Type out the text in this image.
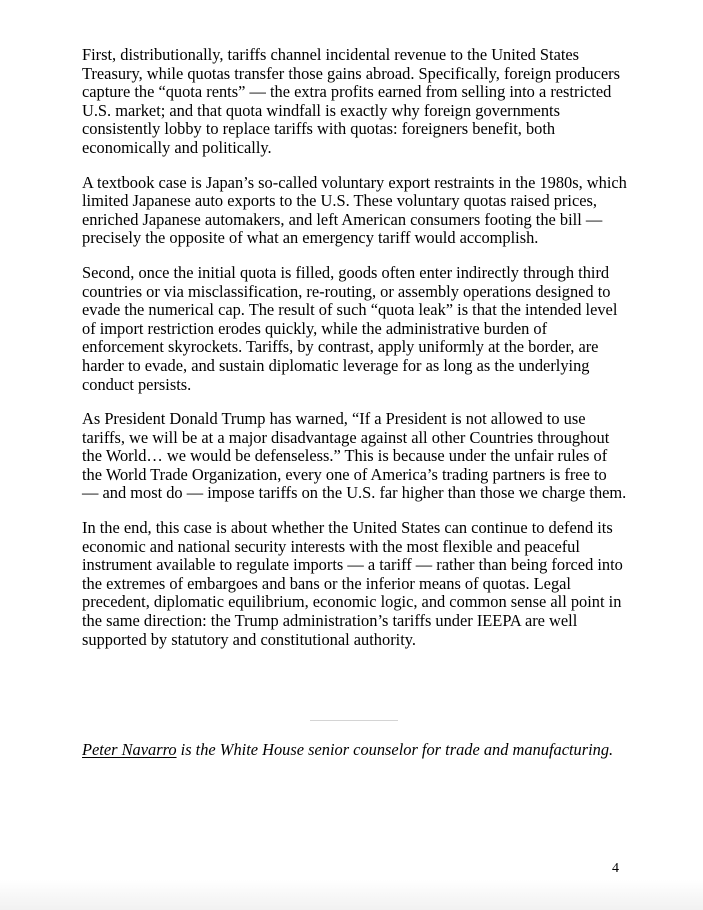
First, distributionally, tariffs channel incidental revenue to the United States Treasury, while quotas transfer those gains abroad. Specifically, foreign producers capture the “quota rents” — the extra profits earned from selling into a restricted U.S. market; and that quota windfall is exactly why foreign governments consistently lobby to replace tariffs with quotas: foreigners benefit, both economically and politically.

A textbook case is Japan’s so-called voluntary export restraints in the 1980s, which limited Japanese auto exports to the U.S. These voluntary quotas raised prices, enriched Japanese automakers, and left American consumers footing the bill — precisely the opposite of what an emergency tariff would accomplish.

Second, once the initial quota is filled, goods often enter indirectly through third countries or via misclassification, re-routing, or assembly operations designed to evade the numerical cap. The result of such “quota leak” is that the intended level of import restriction erodes quickly, while the administrative burden of enforcement skyrockets. Tariffs, by contrast, apply uniformly at the border, are harder to evade, and sustain diplomatic leverage for as long as the underlying conduct persists.

As President Donald Trump has warned, “If a President is not allowed to use tariffs, we will be at a major disadvantage against all other Countries throughout the World… we would be defenseless.” This is because under the unfair rules of the World Trade Organization, every one of America’s trading partners is free to — and most do — impose tariffs on the U.S. far higher than those we charge them.

In the end, this case is about whether the United States can continue to defend its economic and national security interests with the most flexible and peaceful instrument available to regulate imports — a tariff — rather than being forced into the extremes of embargoes and bans or the inferior means of quotas. Legal precedent, diplomatic equilibrium, economic logic, and common sense all point in the same direction: the Trump administration’s tariffs under IEEPA are well supported by statutory and constitutional authority.

Peter Navarro is the White House senior counselor for trade and manufacturing.
4
